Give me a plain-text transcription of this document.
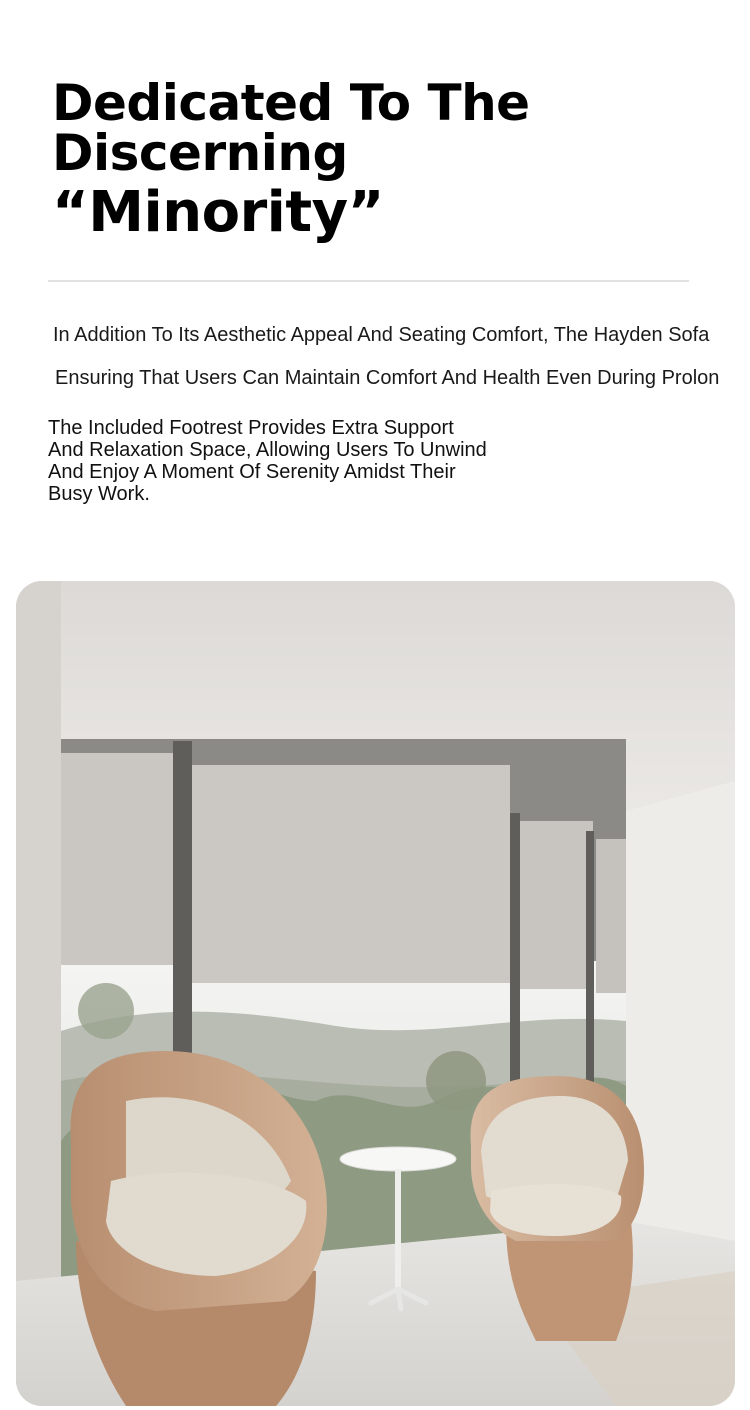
Dedicated To The
Discerning
“Minority”
In Addition To Its Aesthetic Appeal And Seating Comfort, The Hayden Sofa
Ensuring That Users Can Maintain Comfort And Health Even During Prolon

The Included Footrest Provides Extra Support
And Relaxation Space, Allowing Users To Unwind
And Enjoy A Moment Of Serenity Amidst Their
Busy Work.
